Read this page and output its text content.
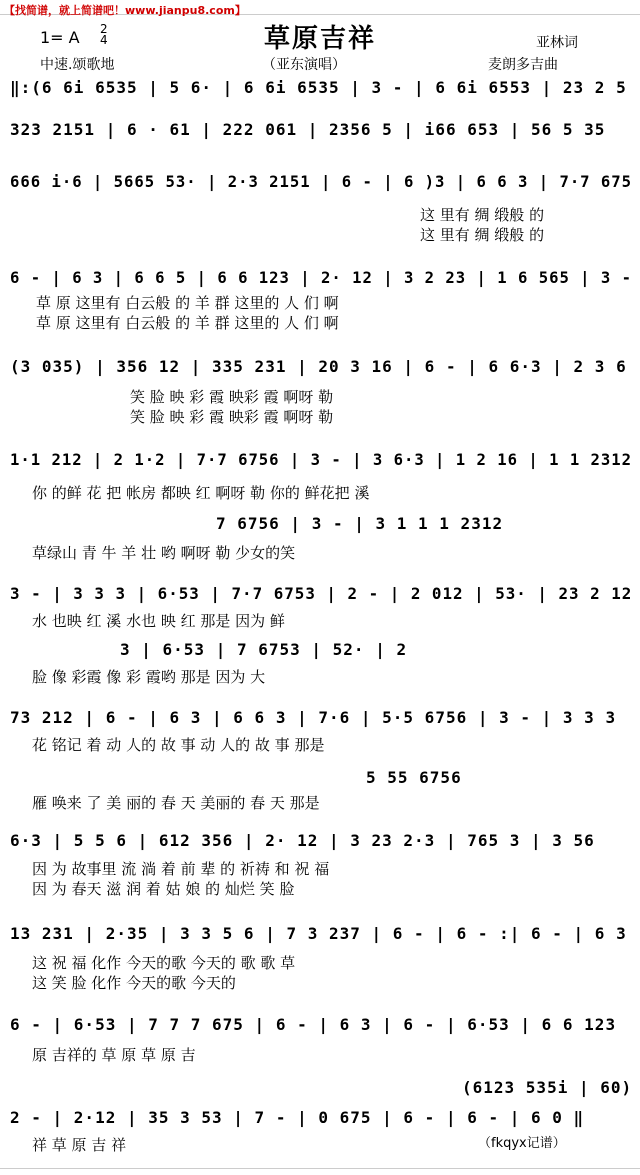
【找简谱，就上简谱吧！www.jianpu8.com】
1= A 2
4	草原吉祥	亚林词
中速.颂歌地	（亚东演唱）	麦朗多吉曲
‖:(6 6i 6535 | 5 6· | 6 6i 6535 | 3 - | 6 6i 6553 | 23 2 5
323 2151 | 6 · 61 | 222 061 | 2356 5 | i66 653 | 56 5 35
666 i·6 | 5665 53· | 2·3 2151 | 6 - | 6 )3 | 6 6 3 | 7·7 675
这 里有 绸 缎般 的
这 里有 绸 缎般 的
6 - | 6 3 | 6 6 5 | 6 6 123 | 2· 12 | 3 2 23 | 1 6 565 | 3 -
草 原 这里有 白云般 的 羊 群 这里的 人 们 啊
草 原 这里有 白云般 的 羊 群 这里的 人 们 啊
(3 035) | 356 12 | 335 231 | 20 3 16 | 6 - | 6 6·3 | 2 3 6
笑 脸 映 彩 霞 映彩 霞 啊呀 勒
笑 脸 映 彩 霞 映彩 霞 啊呀 勒
1·1 212 | 2 1·2 | 7·7 6756 | 3 - | 3 6·3 | 1 2 16 | 1 1 2312
你 的鲜 花 把 帐房 都映 红 啊呀 勒 你的 鲜花把 溪
7 6756 | 3 - | 3 1 1 1 2312
草绿山 青 牛 羊 壮 哟 啊呀 勒 少女的笑
3 - | 3 3 3 | 6·53 | 7·7 6753 | 2 - | 2 012 | 53· | 23 2 12
水 也映 红 溪 水也 映 红 那是 因为 鲜
3 | 6·53 | 7 6753 | 52· | 2
脸 像 彩霞 像 彩 霞哟 那是 因为 大
73 212 | 6 - | 6 3 | 6 6 3 | 7·6 | 5·5 6756 | 3 - | 3 3 3
花 铭记 着 动 人的 故 事 动 人的 故 事 那是
5 55 6756
雁 唤来 了 美 丽的 春 天 美丽的 春 天 那是
6·3 | 5 5 6 | 612 356 | 2· 12 | 3 23 2·3 | 765 3 | 3 56
因 为 故事里 流 淌 着 前 辈 的 祈祷 和 祝 福
因 为 春天 滋 润 着 姑 娘 的 灿烂 笑 脸
13 231 | 2·35 | 3 3 5 6 | 7 3 237 | 6 - | 6 - :| 6 - | 6 3
这 祝 福 化作 今天的歌 今天的 歌 歌 草
这 笑 脸 化作 今天的歌 今天的
6 - | 6·53 | 7 7 7 675 | 6 - | 6 3 | 6 - | 6·53 | 6 6 123
原 吉祥的 草 原 草 原 吉
(6123 535i | 60)
2 - | 2·12 | 35 3 53 | 7 - | 0 675 | 6 - | 6 - | 6 0 ‖
祥 草 原 吉 祥	（fkqyx记谱）
